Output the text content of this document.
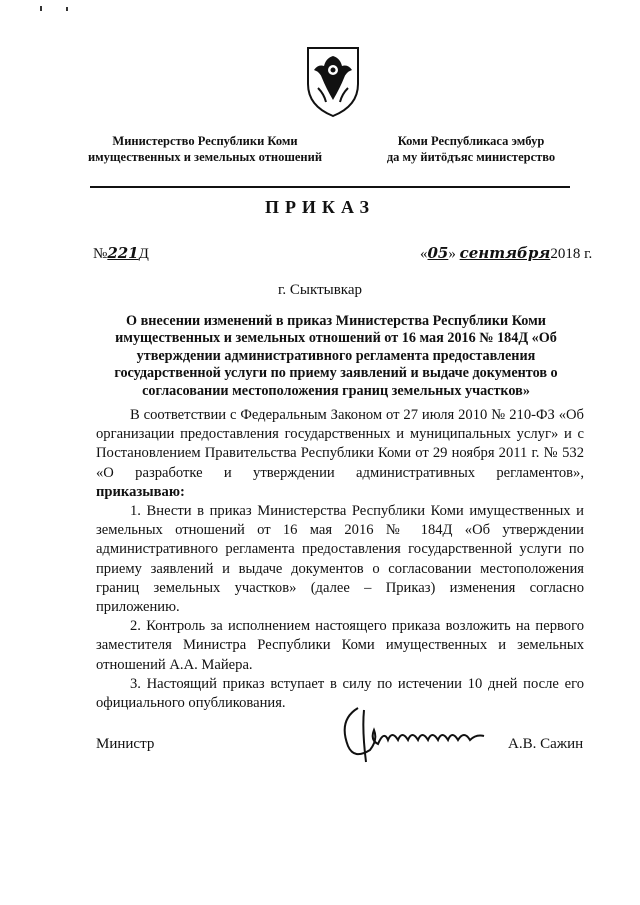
Министерство Республики Коми
имущественных и земельных отношений
Коми Республикаса эмбур
да му йитӧдъяс министерство
ПРИКАЗ
№221Д	«05» сентября2018 г.
г. Сыктывкар
О внесении изменений в приказ Министерства Республики Коми имущественных и земельных отношений от 16 мая 2016 № 184Д «Об утверждении административного регламента предоставления государственной услуги по приему заявлений и выдаче документов о согласовании местоположения границ земельных участков»

В соответствии с Федеральным Законом от 27 июля 2010 № 210-ФЗ «Об организации предоставления государственных и муниципальных услуг» и с Постановлением Правительства Республики Коми от 29 ноября 2011 г. № 532 «О разработке и утверждении административных регламентов», приказываю:

1. Внести в приказ Министерства Республики Коми имущественных и земельных отношений от 16 мая 2016 № 184Д «Об утверждении административного регламента предоставления государственной услуги по приему заявлений и выдаче документов о согласовании местоположения границ земельных участков» (далее – Приказ) изменения согласно приложению.

2. Контроль за исполнением настоящего приказа возложить на первого заместителя Министра Республики Коми имущественных и земельных отношений А.А. Майера.

3. Настоящий приказ вступает в силу по истечении 10 дней после его официального опубликования.

Министр	А.В. Сажин
